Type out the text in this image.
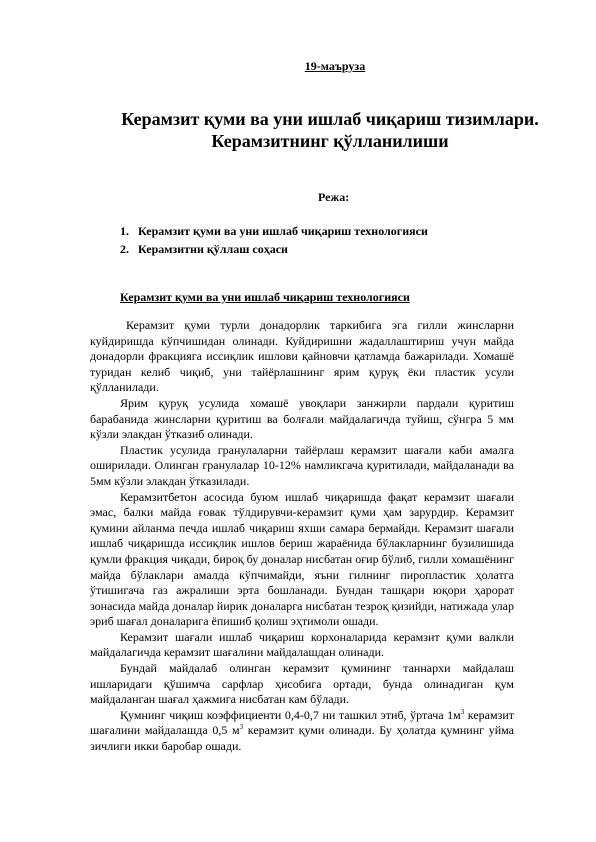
19-маъруза
Керамзит қуми ва уни ишлаб чиқариш тизимлари.
Керамзитнинг қўлланилиши
Режа:
1. Керамзит қуми ва уни ишлаб чиқариш технологияси
2. Керамзитни қўллаш соҳаси
Керамзит қуми ва уни ишлаб чиқариш технологияси

Керамзит қуми турли донадорлик таркибига эга гилли жинсларни куйдиришда кўпчишидан олинади. Куйдиришни жадаллаштириш учун майда донадорли фракцияга иссиқлик ишлови қайновчи қатламда бажарилади. Хомашё туридан келиб чиқиб, уни тайёрлашнинг ярим қуруқ ёки пластик усули қўлланилади.

Ярим қуруқ усулида хомашё увоқлари занжирли пардали қуритиш барабанида жинсларни қуритиш ва болғали майдалагичда туйиш, сўнгра 5 мм кўзли элакдан ўтказиб олинади.

Пластик усулида гранулаларни тайёрлаш керамзит шағали каби амалга оширилади. Олинган гранулалар 10-12% намликгача қуритилади, майдаланади ва 5мм кўзли элакдан ўтказилади.

Керамзитбетон асосида буюм ишлаб чиқаришда фақат керамзит шағали эмас, балки майда ғовак тўлдирувчи-керамзит қуми ҳам зарурдир. Керамзит қумини айланма печда ишлаб чиқариш яхши самара бермайди. Керамзит шағали ишлаб чиқаришда иссиқлик ишлов бериш жараёнида бўлакларнинг бузилишида қумли фракция чиқади, бироқ бу доналар нисбатан оғир бўлиб, гилли хомашёнинг майда бўлаклари амалда кўпчимайди, яъни гилнинг пиропластик ҳолатга ўтишигача газ ажралиши эрта бошланади. Бундан ташқари юқори ҳарорат зонасида майда доналар йирик доналарга нисбатан тезроқ қизийди, натижада улар эриб шағал доналарига ёпишиб қолиш эҳтимоли ошади.

Керамзит шағали ишлаб чиқариш корхоналарида керамзит қуми валкли майдалагичда керамзит шағалини майдалашдан олинади.

Бундай майдалаб олинган керамзит қумининг таннархи майдалаш ишларидаги қўшимча сарфлар ҳисобига ортади, бунда олинадиган қум майдаланган шағал ҳажмига нисбатан кам бўлади.

Қумнинг чиқиш коэффициенти 0,4-0,7 ни ташкил этиб, ўртача $1м^3$ керамзит шағалини майдалашда 0,5 $м^3$ керамзит қуми олинади. Бу ҳолатда қумнинг уйма зичлиги икки баробар ошади.
